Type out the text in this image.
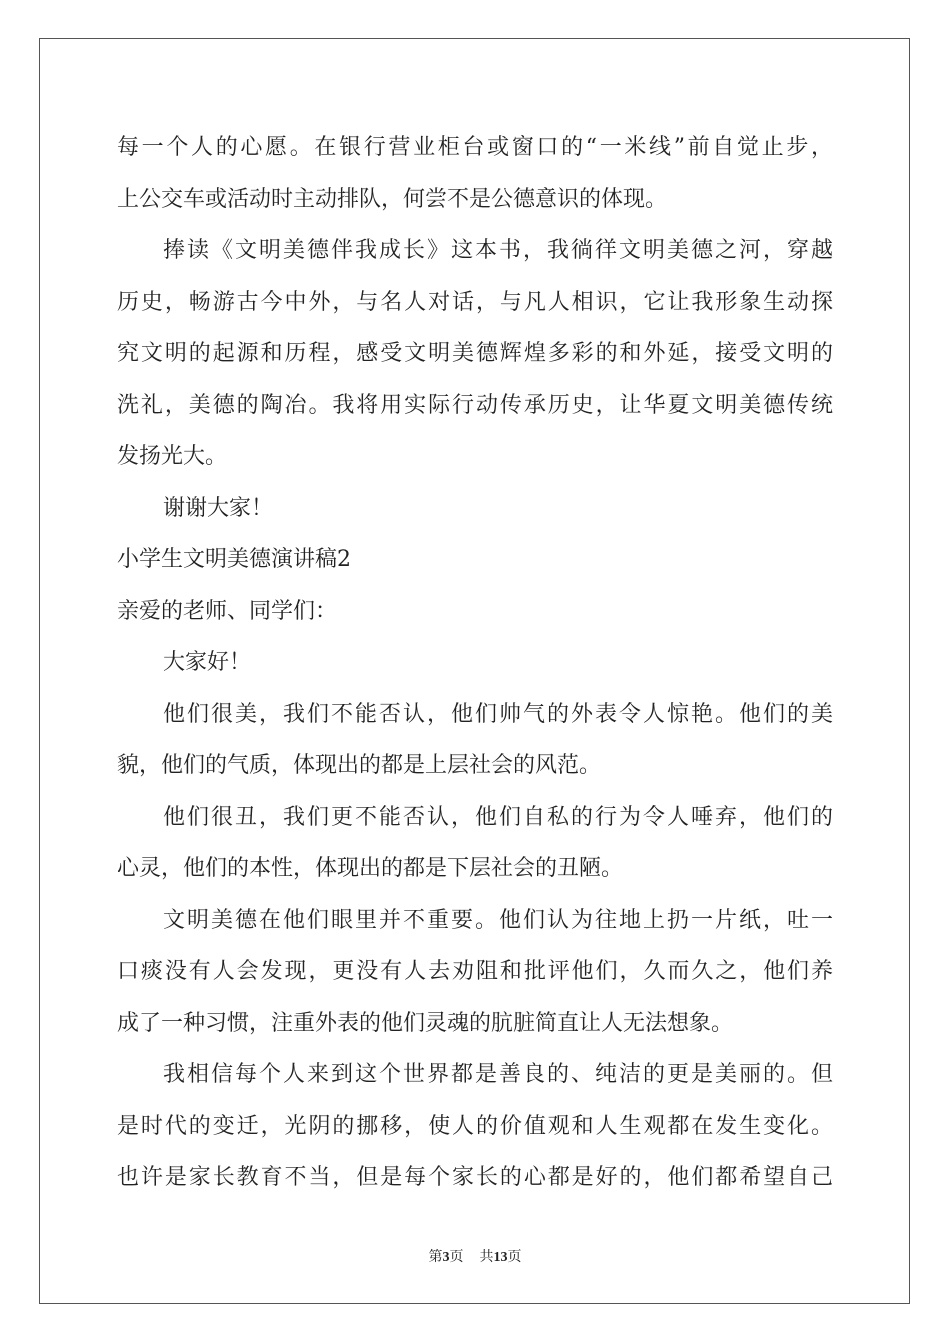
每一个人的心愿。在银行营业柜台或窗口的“一米线”前自觉止步，
上公交车或活动时主动排队，何尝不是公德意识的体现。
捧读《文明美德伴我成长》这本书，我徜徉文明美德之河，穿越
历史，畅游古今中外，与名人对话，与凡人相识，它让我形象生动探
究文明的起源和历程，感受文明美德辉煌多彩的和外延，接受文明的
洗礼，美德的陶冶。我将用实际行动传承历史，让华夏文明美德传统
发扬光大。
谢谢大家！
小学生文明美德演讲稿2
亲爱的老师、同学们：
大家好！
他们很美，我们不能否认，他们帅气的外表令人惊艳。他们的美
貌，他们的气质，体现出的都是上层社会的风范。
他们很丑，我们更不能否认，他们自私的行为令人唾弃，他们的
心灵，他们的本性，体现出的都是下层社会的丑陋。
文明美德在他们眼里并不重要。他们认为往地上扔一片纸，吐一
口痰没有人会发现，更没有人去劝阻和批评他们，久而久之，他们养
成了一种习惯，注重外表的他们灵魂的肮脏简直让人无法想象。
我相信每个人来到这个世界都是善良的、纯洁的更是美丽的。但
是时代的变迁，光阴的挪移，使人的价值观和人生观都在发生变化。
也许是家长教育不当，但是每个家长的心都是好的，他们都希望自己
第3页 共13页
